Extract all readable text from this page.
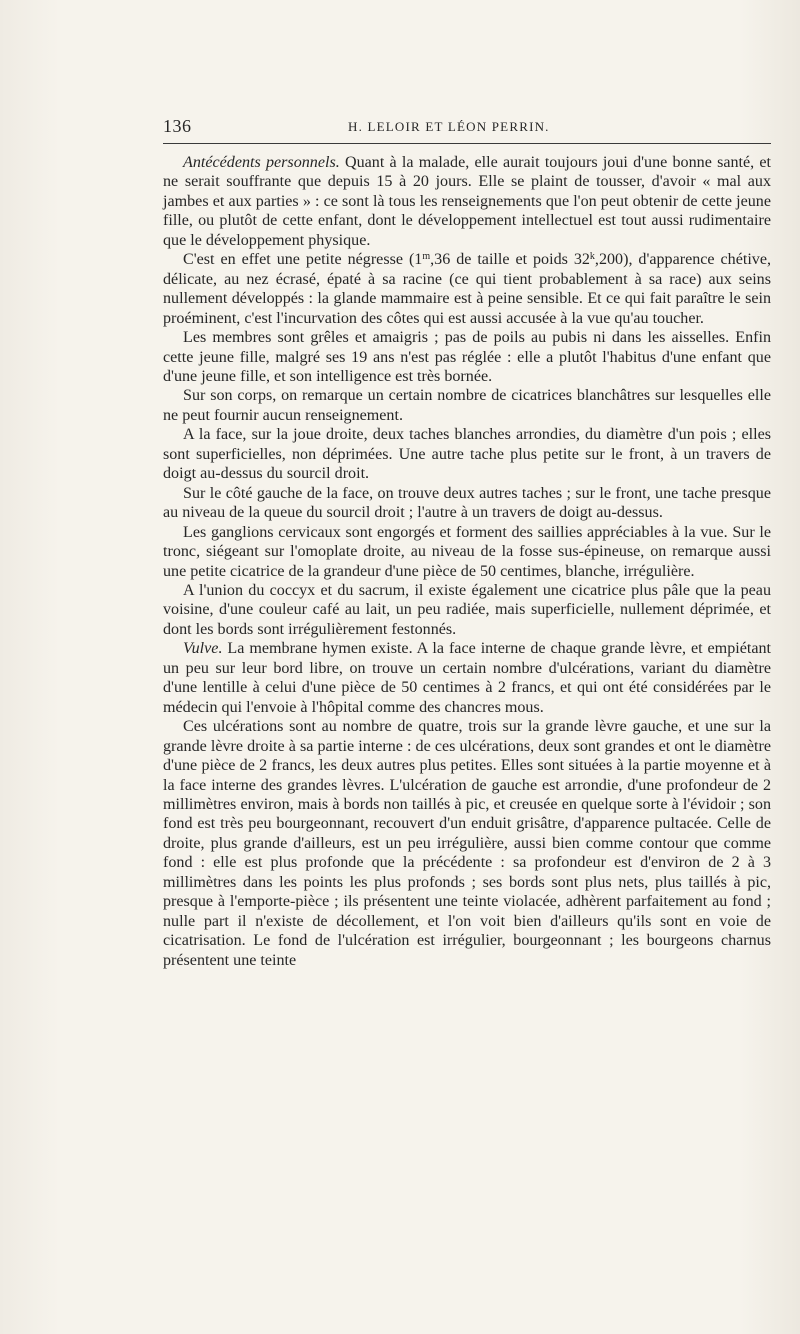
136	H. LELOIR ET LÉON PERRIN.

Antécédents personnels. Quant à la malade, elle aurait toujours joui d'une bonne santé, et ne serait souffrante que depuis 15 à 20 jours. Elle se plaint de tousser, d'avoir « mal aux jambes et aux parties » : ce sont là tous les renseignements que l'on peut obtenir de cette jeune fille, ou plutôt de cette enfant, dont le développement intellectuel est tout aussi rudimentaire que le développement physique.

C'est en effet une petite négresse (1$^m$,36 de taille et poids 32$^k$,200), d'apparence chétive, délicate, au nez écrasé, épaté à sa racine (ce qui tient probablement à sa race) aux seins nullement développés : la glande mammaire est à peine sensible. Et ce qui fait paraître le sein proéminent, c'est l'incurvation des côtes qui est aussi accusée à la vue qu'au toucher.

Les membres sont grêles et amaigris ; pas de poils au pubis ni dans les aisselles. Enfin cette jeune fille, malgré ses 19 ans n'est pas réglée : elle a plutôt l'habitus d'une enfant que d'une jeune fille, et son intelligence est très bornée.

Sur son corps, on remarque un certain nombre de cicatrices blanchâtres sur lesquelles elle ne peut fournir aucun renseignement.

A la face, sur la joue droite, deux taches blanches arrondies, du diamètre d'un pois ; elles sont superficielles, non déprimées. Une autre tache plus petite sur le front, à un travers de doigt au-dessus du sourcil droit.

Sur le côté gauche de la face, on trouve deux autres taches ; sur le front, une tache presque au niveau de la queue du sourcil droit ; l'autre à un travers de doigt au-dessus.

Les ganglions cervicaux sont engorgés et forment des saillies appréciables à la vue. Sur le tronc, siégeant sur l'omoplate droite, au niveau de la fosse sus-épineuse, on remarque aussi une petite cicatrice de la grandeur d'une pièce de 50 centimes, blanche, irrégulière.

A l'union du coccyx et du sacrum, il existe également une cicatrice plus pâle que la peau voisine, d'une couleur café au lait, un peu radiée, mais superficielle, nullement déprimée, et dont les bords sont irrégulièrement festonnés.

Vulve. La membrane hymen existe. A la face interne de chaque grande lèvre, et empiétant un peu sur leur bord libre, on trouve un certain nombre d'ulcérations, variant du diamètre d'une lentille à celui d'une pièce de 50 centimes à 2 francs, et qui ont été considérées par le médecin qui l'envoie à l'hôpital comme des chancres mous.

Ces ulcérations sont au nombre de quatre, trois sur la grande lèvre gauche, et une sur la grande lèvre droite à sa partie interne : de ces ulcérations, deux sont grandes et ont le diamètre d'une pièce de 2 francs, les deux autres plus petites. Elles sont situées à la partie moyenne et à la face interne des grandes lèvres. L'ulcération de gauche est arrondie, d'une profondeur de 2 millimètres environ, mais à bords non taillés à pic, et creusée en quelque sorte à l'évidoir ; son fond est très peu bourgeonnant, recouvert d'un enduit grisâtre, d'apparence pultacée. Celle de droite, plus grande d'ailleurs, est un peu irrégulière, aussi bien comme contour que comme fond : elle est plus profonde que la précédente : sa profondeur est d'environ de 2 à 3 millimètres dans les points les plus profonds ; ses bords sont plus nets, plus taillés à pic, presque à l'emporte-pièce ; ils présentent une teinte violacée, adhèrent parfaitement au fond ; nulle part il n'existe de décollement, et l'on voit bien d'ailleurs qu'ils sont en voie de cicatrisation. Le fond de l'ulcération est irrégulier, bourgeonnant ; les bourgeons charnus présentent une teinte
